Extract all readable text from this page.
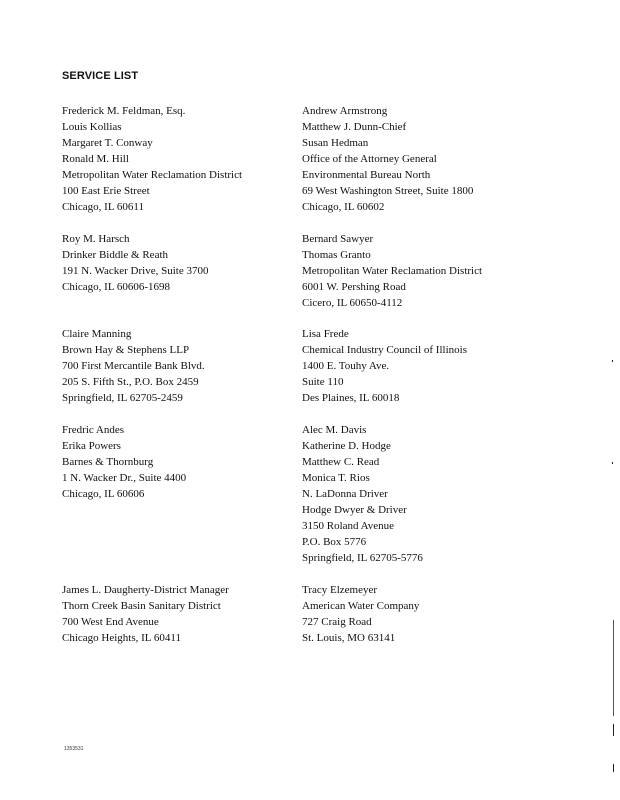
SERVICE LIST
Frederick M. Feldman, Esq.
Louis Kollias
Margaret T. Conway
Ronald M. Hill
Metropolitan Water Reclamation District
100 East Erie Street
Chicago, IL 60611
Andrew Armstrong
Matthew J. Dunn-Chief
Susan Hedman
Office of the Attorney General
Environmental Bureau North
69 West Washington Street, Suite 1800
Chicago, IL 60602
Roy M. Harsch
Drinker Biddle & Reath
191 N. Wacker Drive, Suite 3700
Chicago, IL 60606-1698
Bernard Sawyer
Thomas Granto
Metropolitan Water Reclamation District
6001 W. Pershing Road
Cicero, IL 60650-4112
Claire Manning
Brown Hay & Stephens LLP
700 First Mercantile Bank Blvd.
205 S. Fifth St., P.O. Box 2459
Springfield, IL 62705-2459
Lisa Frede
Chemical Industry Council of Illinois
1400 E. Touhy Ave.
Suite 110
Des Plaines, IL 60018
Fredric Andes
Erika Powers
Barnes & Thornburg
1 N. Wacker Dr., Suite 4400
Chicago, IL 60606
Alec M. Davis
Katherine D. Hodge
Matthew C. Read
Monica T. Rios
N. LaDonna Driver
Hodge Dwyer & Driver
3150 Roland Avenue
P.O. Box 5776
Springfield, IL 62705-5776
James L. Daugherty-District Manager
Thorn Creek Basin Sanitary District
700 West End Avenue
Chicago Heights, IL 60411
Tracy Elzemeyer
American Water Company
727 Craig Road
St. Louis, MO 63141
1353531
